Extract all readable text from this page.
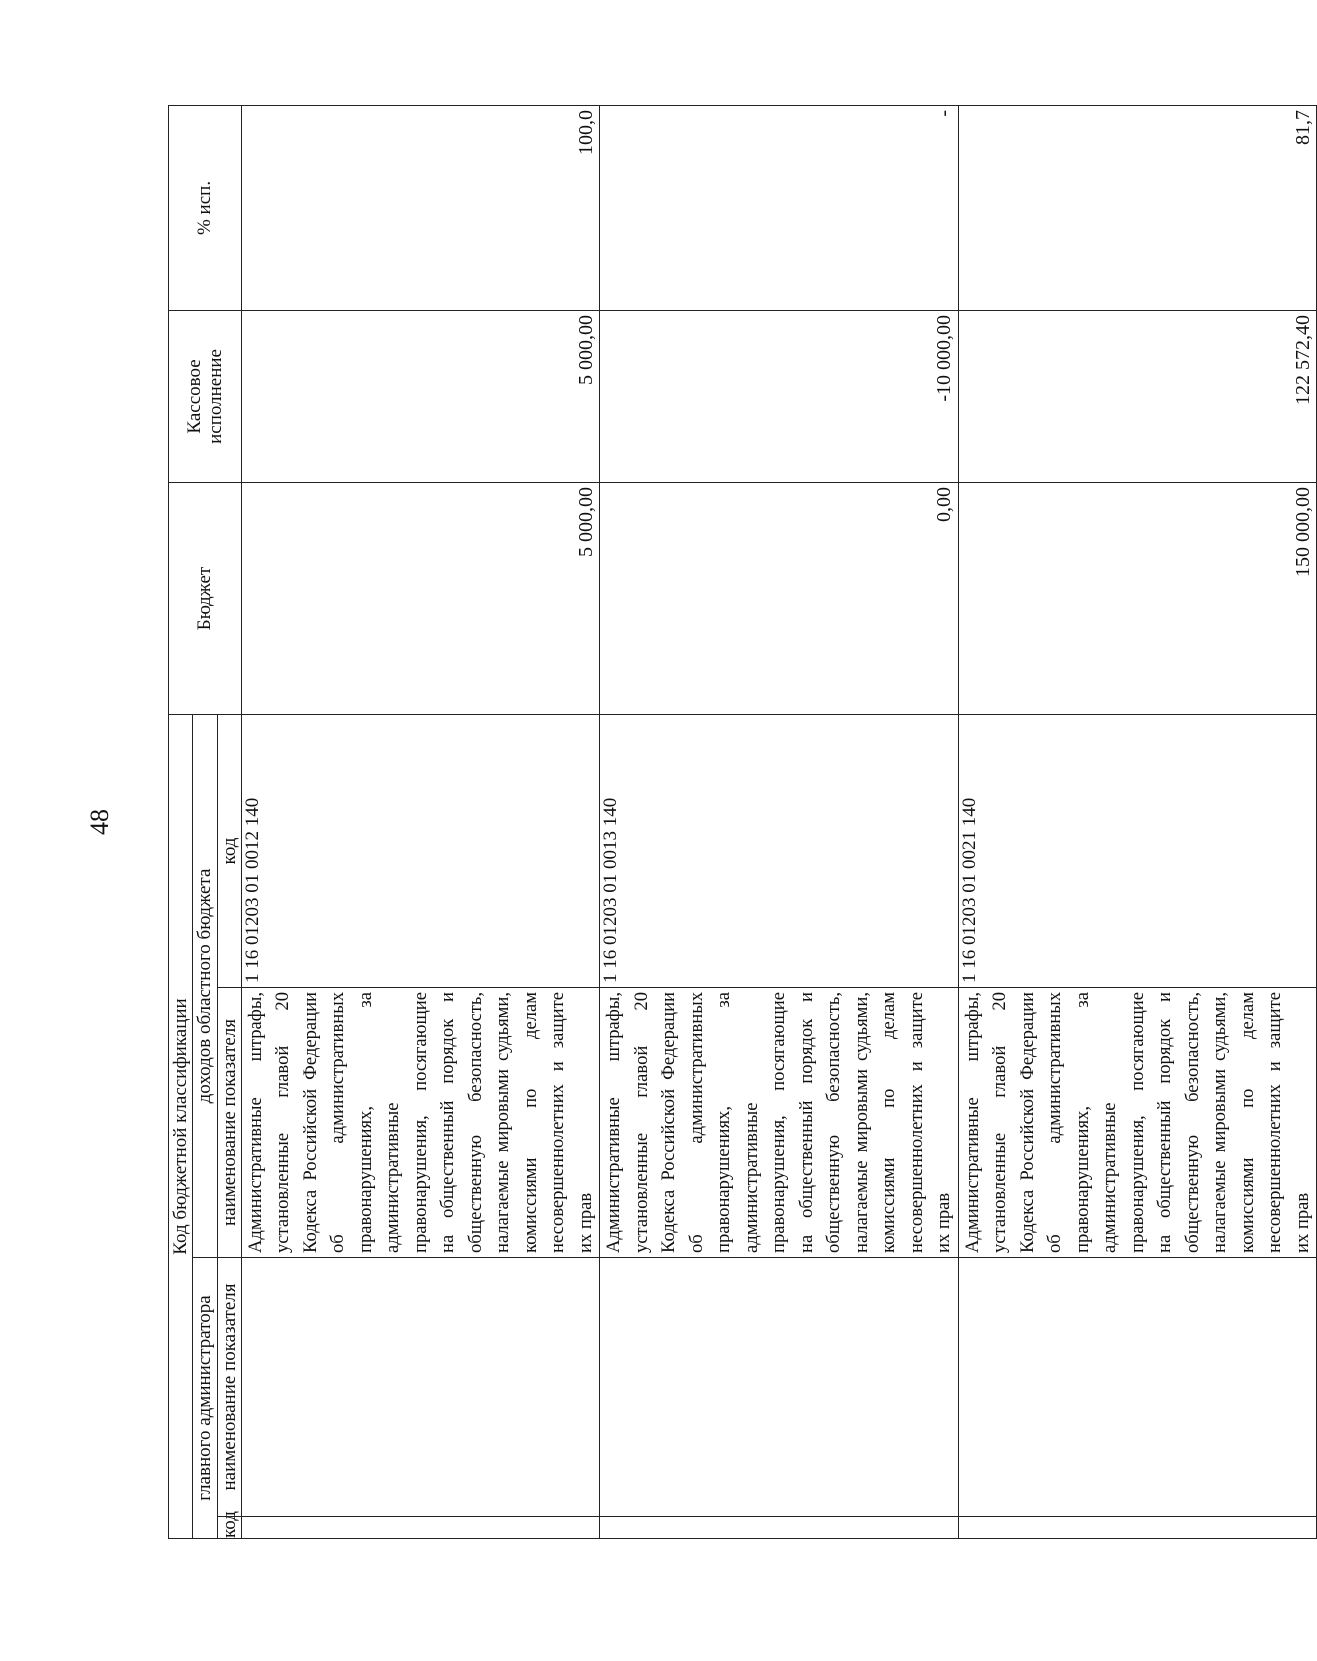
48
Код бюджетной классификации				Бюджет	Кассовое исполнение	% исп.
главного администратора		доходов областного бюджета				
код	наименование показателя	наименование показателя	код			
		Административные штрафы, установленные главой 20 Кодекса Российской Федерации об административных правонарушениях, за административные правонарушения, посягающие на общественный порядок и общественную безопасность, налагаемые мировыми судьями, комиссиями по делам несовершеннолетних и защите их прав	1 16 01203 01 0012 140	5 000,00	5 000,00	100,0
		Административные штрафы, установленные главой 20 Кодекса Российской Федерации об административных правонарушениях, за административные правонарушения, посягающие на общественный порядок и общественную безопасность, налагаемые мировыми судьями, комиссиями по делам несовершеннолетних и защите их прав	1 16 01203 01 0013 140	0,00	-10 000,00	-
		Административные штрафы, установленные главой 20 Кодекса Российской Федерации об административных правонарушениях, за административные правонарушения, посягающие на общественный порядок и общественную безопасность, налагаемые мировыми судьями, комиссиями по делам несовершеннолетних и защите их прав	1 16 01203 01 0021 140	150 000,00	122 572,40	81,7
